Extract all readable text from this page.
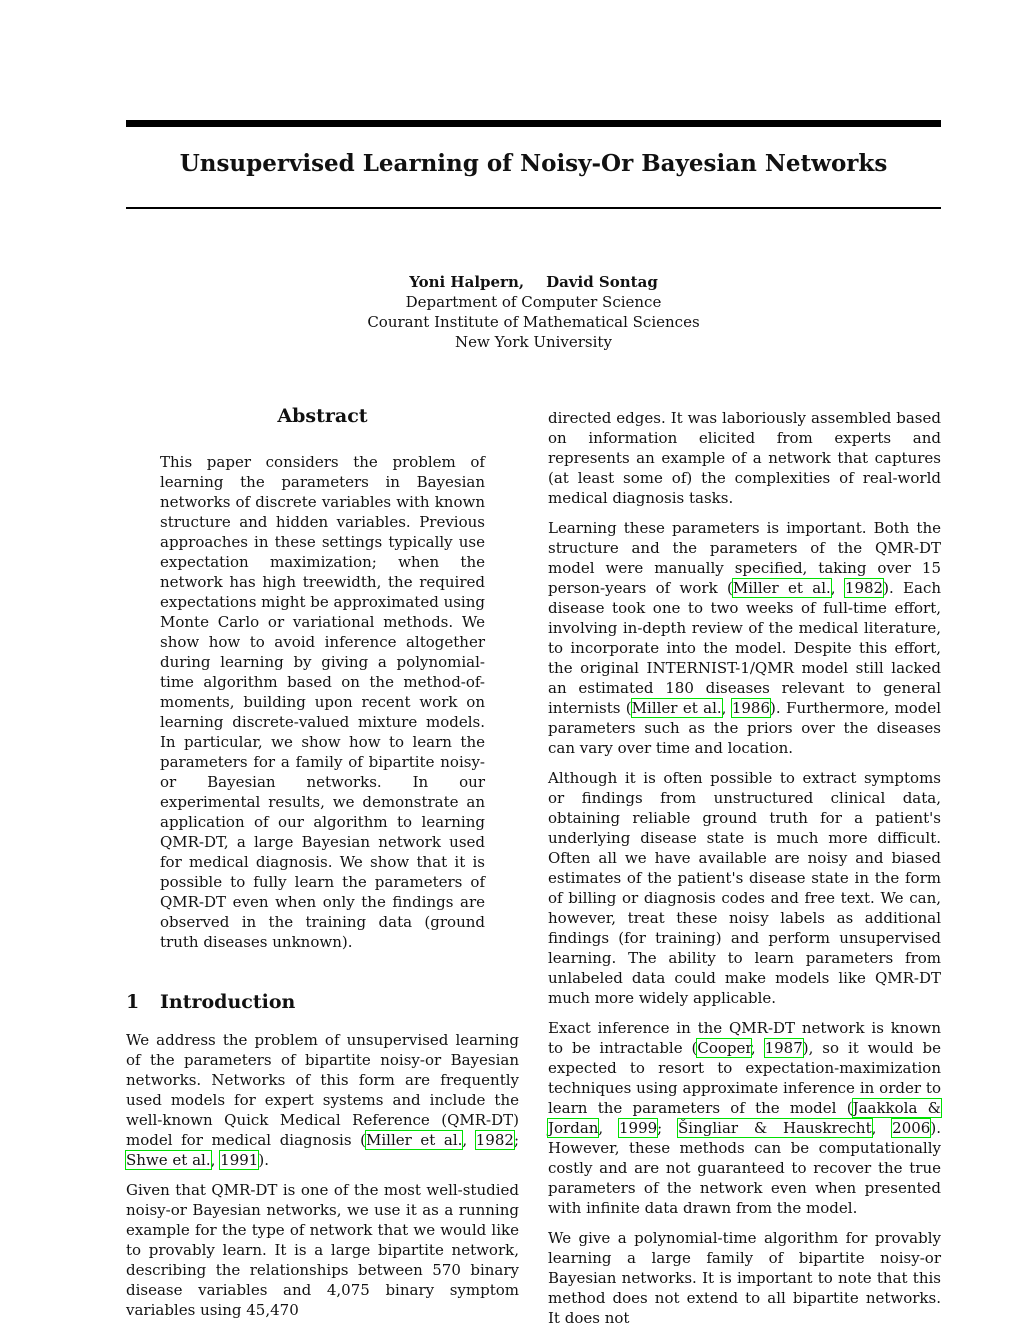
Unsupervised Learning of Noisy-Or Bayesian Networks
Yoni Halpern, David Sontag
Department of Computer Science
Courant Institute of Mathematical Sciences
New York University
Abstract
This paper considers the problem of learning the parameters in Bayesian networks of discrete variables with known structure and hidden variables. Previous approaches in these settings typically use expectation maximization; when the network has high treewidth, the required expectations might be approximated using Monte Carlo or variational methods. We show how to avoid inference altogether during learning by giving a polynomial-time algorithm based on the method-of-moments, building upon recent work on learning discrete-valued mixture models. In particular, we show how to learn the parameters for a family of bipartite noisy-or Bayesian networks. In our experimental results, we demonstrate an application of our algorithm to learning QMR-DT, a large Bayesian network used for medical diagnosis. We show that it is possible to fully learn the parameters of QMR-DT even when only the findings are observed in the training data (ground truth diseases unknown).
1 Introduction

We address the problem of unsupervised learning of the parameters of bipartite noisy-or Bayesian networks. Networks of this form are frequently used models for expert systems and include the well-known Quick Medical Reference (QMR-DT) model for medical diagnosis (Miller et al., 1982; Shwe et al., 1991).

Given that QMR-DT is one of the most well-studied noisy-or Bayesian networks, we use it as a running example for the type of network that we would like to provably learn. It is a large bipartite network, describing the relationships between 570 binary disease variables and 4,075 binary symptom variables using 45,470

directed edges. It was laboriously assembled based on information elicited from experts and represents an example of a network that captures (at least some of) the complexities of real-world medical diagnosis tasks.

Learning these parameters is important. Both the structure and the parameters of the QMR-DT model were manually specified, taking over 15 person-years of work (Miller et al., 1982). Each disease took one to two weeks of full-time effort, involving in-depth review of the medical literature, to incorporate into the model. Despite this effort, the original INTERNIST-1/QMR model still lacked an estimated 180 diseases relevant to general internists (Miller et al., 1986). Furthermore, model parameters such as the priors over the diseases can vary over time and location.

Although it is often possible to extract symptoms or findings from unstructured clinical data, obtaining reliable ground truth for a patient's underlying disease state is much more difficult. Often all we have available are noisy and biased estimates of the patient's disease state in the form of billing or diagnosis codes and free text. We can, however, treat these noisy labels as additional findings (for training) and perform unsupervised learning. The ability to learn parameters from unlabeled data could make models like QMR-DT much more widely applicable.

Exact inference in the QMR-DT network is known to be intractable (Cooper, 1987), so it would be expected to resort to expectation-maximization techniques using approximate inference in order to learn the parameters of the model (Jaakkola & Jordan, 1999; Šingliar & Hauskrecht, 2006). However, these methods can be computationally costly and are not guaranteed to recover the true parameters of the network even when presented with infinite data drawn from the model.

We give a polynomial-time algorithm for provably learning a large family of bipartite noisy-or Bayesian networks. It is important to note that this method does not extend to all bipartite networks. It does not
